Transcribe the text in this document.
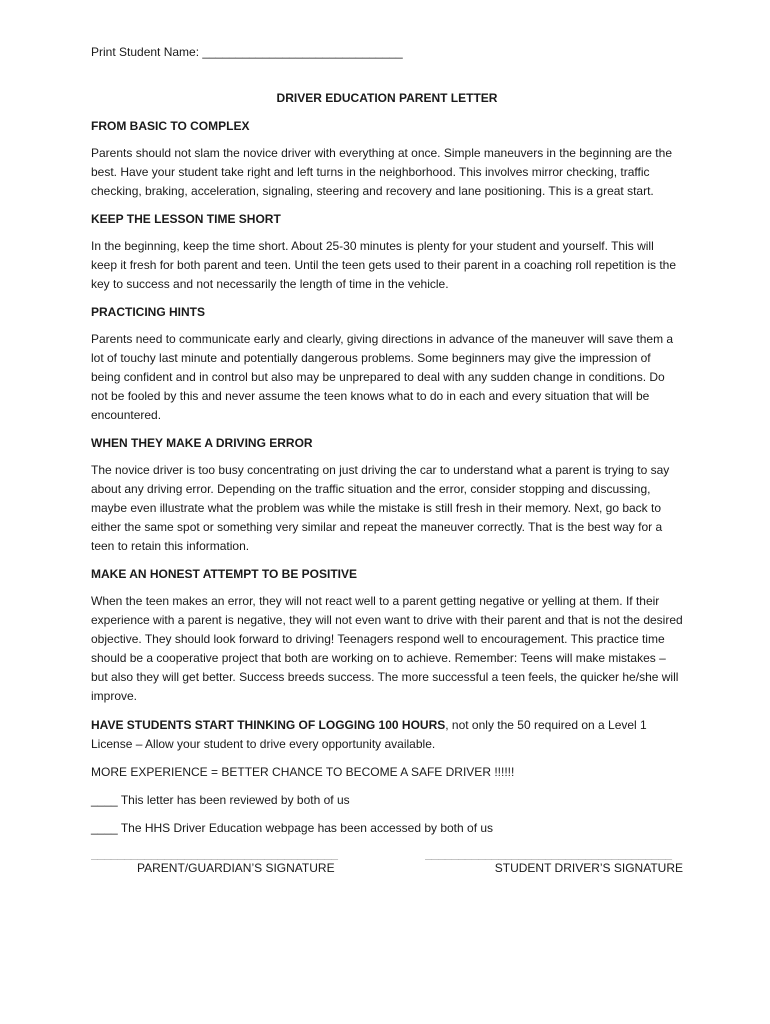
Print Student Name: ______________________________
DRIVER EDUCATION PARENT LETTER
FROM BASIC TO COMPLEX
Parents should not slam the novice driver with everything at once. Simple maneuvers in the beginning are the best. Have your student take right and left turns in the neighborhood. This involves mirror checking, traffic checking, braking, acceleration, signaling, steering and recovery and lane positioning. This is a great start.
KEEP THE LESSON TIME SHORT
In the beginning, keep the time short. About 25-30 minutes is plenty for your student and yourself. This will keep it fresh for both parent and teen. Until the teen gets used to their parent in a coaching roll repetition is the key to success and not necessarily the length of time in the vehicle.
PRACTICING HINTS
Parents need to communicate early and clearly, giving directions in advance of the maneuver will save them a lot of touchy last minute and potentially dangerous problems. Some beginners may give the impression of being confident and in control but also may be unprepared to deal with any sudden change in conditions. Do not be fooled by this and never assume the teen knows what to do in each and every situation that will be encountered.
WHEN THEY MAKE A DRIVING ERROR
The novice driver is too busy concentrating on just driving the car to understand what a parent is trying to say about any driving error. Depending on the traffic situation and the error, consider stopping and discussing, maybe even illustrate what the problem was while the mistake is still fresh in their memory. Next, go back to either the same spot or something very similar and repeat the maneuver correctly. That is the best way for a teen to retain this information.
MAKE AN HONEST ATTEMPT TO BE POSITIVE
When the teen makes an error, they will not react well to a parent getting negative or yelling at them. If their experience with a parent is negative, they will not even want to drive with their parent and that is not the desired objective. They should look forward to driving! Teenagers respond well to encouragement. This practice time should be a cooperative project that both are working on to achieve. Remember: Teens will make mistakes – but also they will get better. Success breeds success. The more successful a teen feels, the quicker he/she will improve.
HAVE STUDENTS START THINKING OF LOGGING 100 HOURS, not only the 50 required on a Level 1 License – Allow your student to drive every opportunity available.
MORE EXPERIENCE = BETTER CHANCE TO BECOME A SAFE DRIVER !!!!!!
____ This letter has been reviewed by both of us
____ The HHS Driver Education webpage has been accessed by both of us
_____________________________________
PARENT/GUARDIAN’S SIGNATURE
_____________________________________
STUDENT DRIVER’S SIGNATURE
